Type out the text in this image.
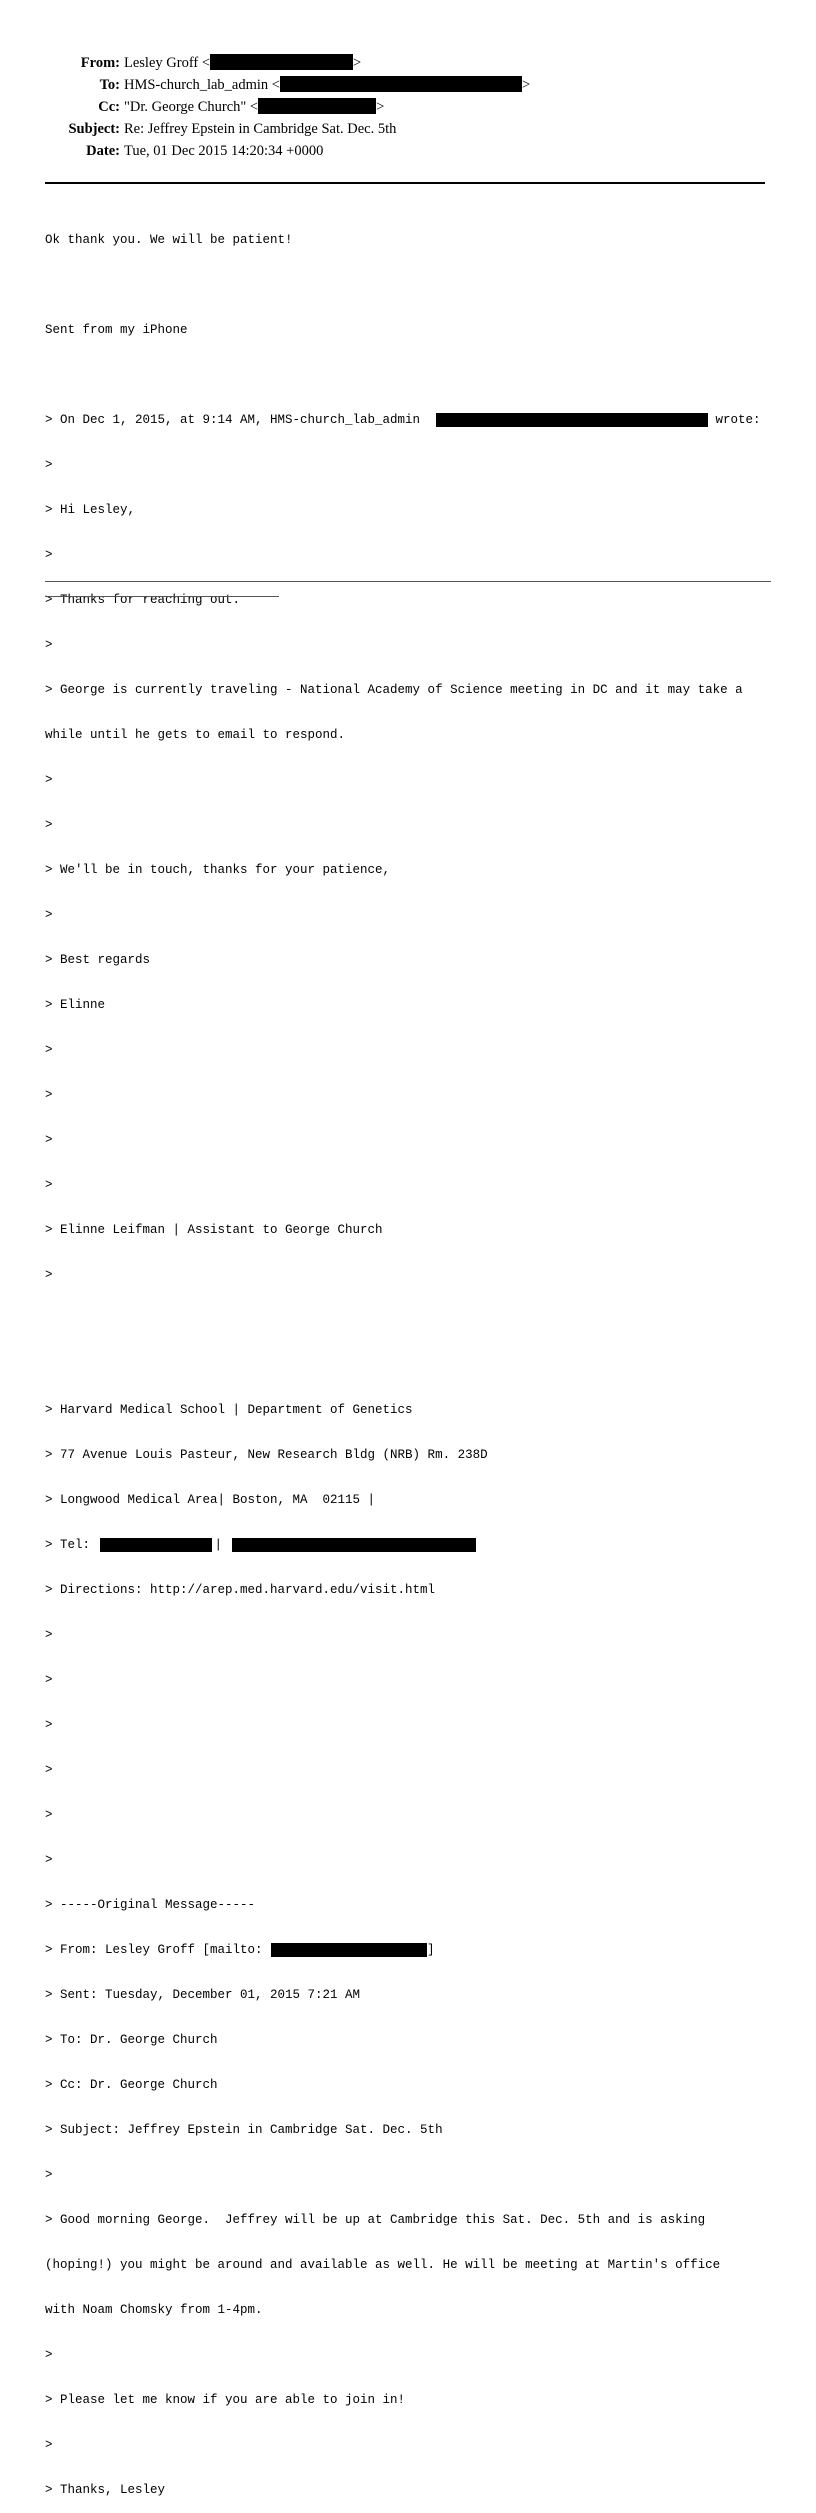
From: Lesley Groff <	>
To: HMS-church_lab_admin <	>
Cc: "Dr. George Church" <	>
Subject: Re: Jeffrey Epstein in Cambridge Sat. Dec. 5th
Date: Tue, 01 Dec 2015 14:20:34 +0000

Ok thank you. We will be patient!

Sent from my iPhone

> On Dec 1, 2015, at 9:14 AM, HMS-church_lab_admin	wrote:

>

> Hi Lesley,

>

> Thanks for reaching out.

>

> George is currently traveling - National Academy of Science meeting in DC and it may take a

while until he gets to email to respond.

>

>

> We'll be in touch, thanks for your patience,

>

> Best regards

> Elinne

>

>

>

>

> Elinne Leifman | Assistant to George Church

>

> Harvard Medical School | Department of Genetics

> 77 Avenue Louis Pasteur, New Research Bldg (NRB) Rm. 238D

> Longwood Medical Area| Boston, MA  02115 |

> Tel:	|

> Directions: http://arep.med.harvard.edu/visit.html

>

>

>

>

>

>

> -----Original Message-----

> From: Lesley Groff [mailto:	]

> Sent: Tuesday, December 01, 2015 7:21 AM

> To: Dr. George Church

> Cc: Dr. George Church

> Subject: Jeffrey Epstein in Cambridge Sat. Dec. 5th

>

> Good morning George.  Jeffrey will be up at Cambridge this Sat. Dec. 5th and is asking

(hoping!) you might be around and available as well. He will be meeting at Martin's office

with Noam Chomsky from 1-4pm.

>

> Please let me know if you are able to join in!

>

> Thanks, Lesley
